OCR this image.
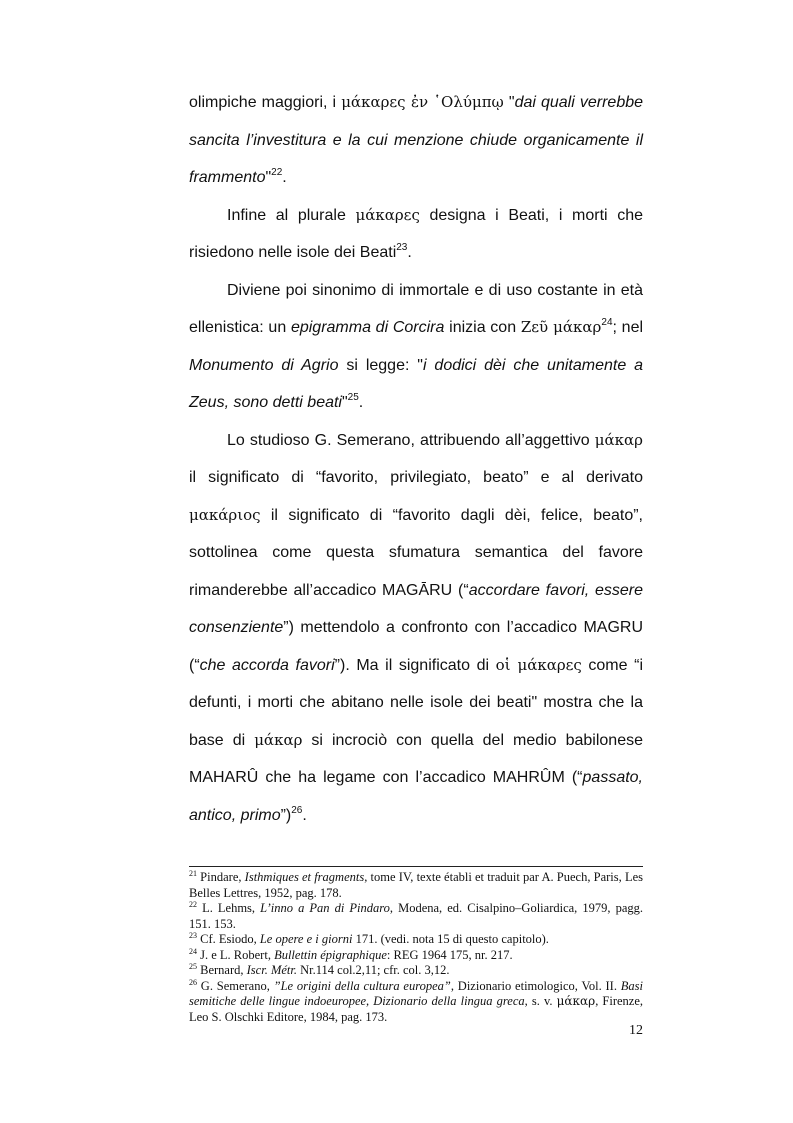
olimpiche maggiori, i μάκαρες ἐν ῾Ολύμπῳ "dai quali verrebbe sancita l’investitura e la cui menzione chiude organicamente il frammento"$^{22}$.

Infine al plurale μάκαρες designa i Beati, i morti che risiedono nelle isole dei Beati$^{23}$.

Diviene poi sinonimo di immortale e di uso costante in età ellenistica: un epigramma di Corcira inizia con Ζεῦ μάκαρ$^{24}$; nel Monumento di Agrio si legge: "i dodici dèi che unitamente a Zeus, sono detti beati"$^{25}$.

Lo studioso G. Semerano, attribuendo all’aggettivo μάκαρ il significato di “favorito, privilegiato, beato” e al derivato μακάριος il significato di “favorito dagli dèi, felice, beato”, sottolinea come questa sfumatura semantica del favore rimanderebbe all’accadico MAGĀRU (“accordare favori, essere consenziente”) mettendolo a confronto con l’accadico MAGRU (“che accorda favori”). Ma il significato di οἱ μάκαρες come “i defunti, i morti che abitano nelle isole dei beati" mostra che la base di μάκαρ si incrociò con quella del medio babilonese MAHARÛ che ha legame con l’accadico MAHRÛM (“passato, antico, primo”)$^{26}$.

$^{21}$ Pindare, Isthmiques et fragments, tome IV, texte établi et traduit par A. Puech, Paris, Les Belles Lettres, 1952, pag. 178.

$^{22}$ L. Lehms, L’inno a Pan di Pindaro, Modena, ed. Cisalpino–Goliardica, 1979, pagg. 151. 153.

$^{23}$ Cf. Esiodo, Le opere e i giorni 171. (vedi. nota 15 di questo capitolo).

$^{24}$ J. e L. Robert, Bullettin épigraphique: REG 1964 175, nr. 217.

$^{25}$ Bernard, Iscr. Métr. Nr.114 col.2,11; cfr. col. 3,12.

$^{26}$ G. Semerano, ”Le origini della cultura europea”, Dizionario etimologico, Vol. II. Basi semitiche delle lingue indoeuropee, Dizionario della lingua greca, s. v. μάκαρ, Firenze, Leo S. Olschki Editore, 1984, pag. 173.

12
